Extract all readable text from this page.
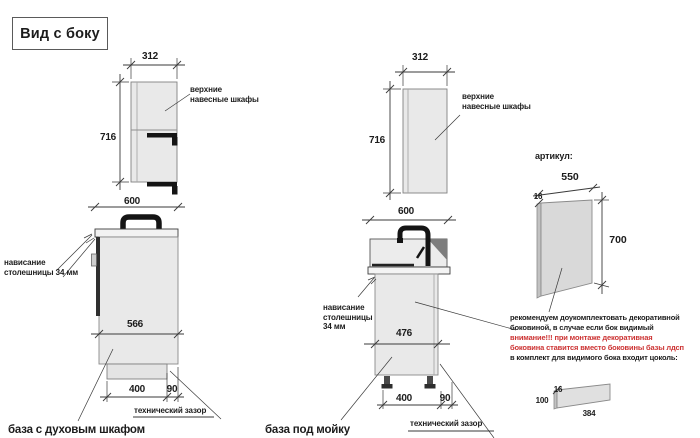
Вид с боку
312
716
верхние навесные шкафы
600
нависание столешницы 34 мм
566
400	90
технический зазор
база с духовым шкафом
312
716
верхние навесные шкафы
600
нависание столешницы 34 мм
476
400	90
технический зазор
база под мойку
артикул:
550
16
700
рекомендуем доукомплектовать декоративной
боковиной, в случае если бок видимый
внимание!!! при монтаже декоративная
боковина ставится вместо боковины базы лдсп
в комплект для видимого бока входит цоколь:
16
100
384
